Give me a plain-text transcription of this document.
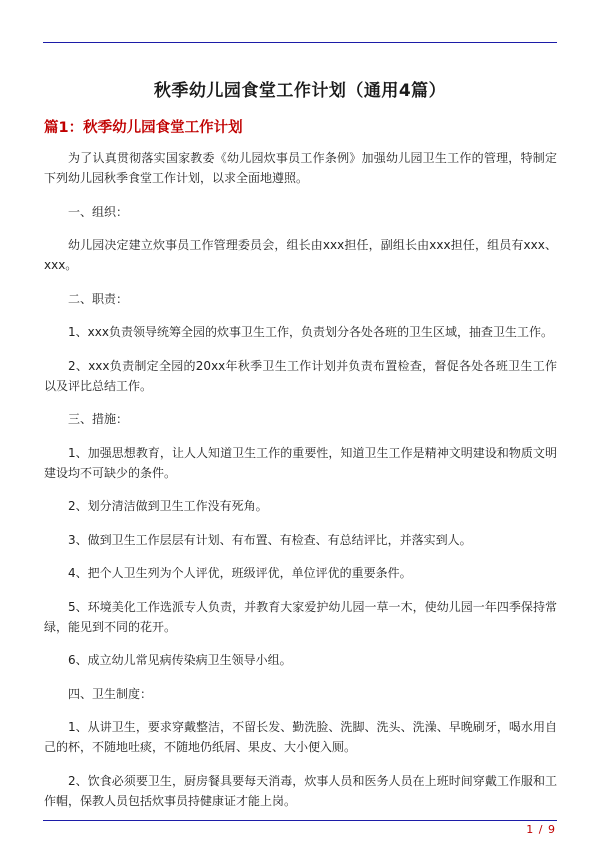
秋季幼儿园食堂工作计划（通用4篇）
篇1：秋季幼儿园食堂工作计划

为了认真贯彻落实国家教委《幼儿园炊事员工作条例》加强幼儿园卫生工作的管理，特制定下列幼儿园秋季食堂工作计划，以求全面地遵照。

一、组织：

幼儿园决定建立炊事员工作管理委员会，组长由xxx担任，副组长由xxx担任，组员有xxx、xxx。

二、职责：

1、xxx负责领导统筹全园的炊事卫生工作，负责划分各处各班的卫生区域，抽查卫生工作。

2、xxx负责制定全园的20xx年秋季卫生工作计划并负责布置检查，督促各处各班卫生工作以及评比总结工作。

三、措施：

1、加强思想教育，让人人知道卫生工作的重要性，知道卫生工作是精神文明建设和物质文明建设均不可缺少的条件。

2、划分清洁做到卫生工作没有死角。

3、做到卫生工作层层有计划、有布置、有检查、有总结评比，并落实到人。

4、把个人卫生列为个人评优，班级评优，单位评优的重要条件。

5、环境美化工作选派专人负责，并教育大家爱护幼儿园一草一木，使幼儿园一年四季保持常绿，能见到不同的花开。

6、成立幼儿常见病传染病卫生领导小组。

四、卫生制度：

1、从讲卫生，要求穿戴整洁，不留长发、勤洗脸、洗脚、洗头、洗澡、早晚刷牙，喝水用自己的杯，不随地吐痰，不随地仍纸屑、果皮、大小便入厕。

2、饮食必须要卫生，厨房餐具要每天消毒，炊事人员和医务人员在上班时间穿戴工作服和工作帽，保教人员包括炊事员持健康证才能上岗。

1 / 9
